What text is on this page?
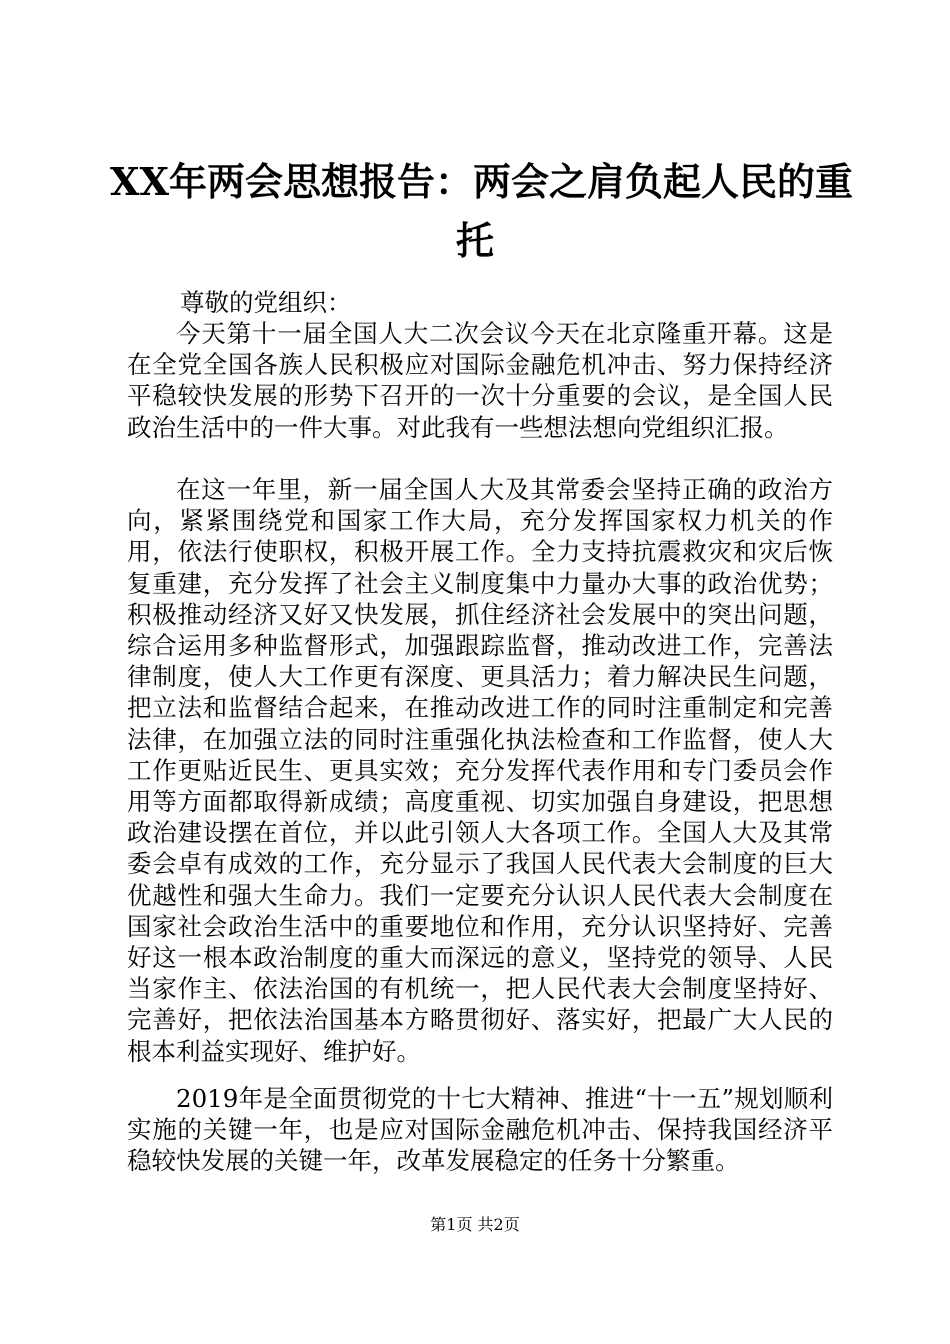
XX年两会思想报告：两会之肩负起人民的重
托
尊敬的党组织：

今天第十一届全国人大二次会议今天在北京隆重开幕。这是在全党全国各族人民积极应对国际金融危机冲击、努力保持经济平稳较快发展的形势下召开的一次十分重要的会议，是全国人民政治生活中的一件大事。对此我有一些想法想向党组织汇报。

在这一年里，新一届全国人大及其常委会坚持正确的政治方向，紧紧围绕党和国家工作大局，充分发挥国家权力机关的作用，依法行使职权，积极开展工作。全力支持抗震救灾和灾后恢复重建，充分发挥了社会主义制度集中力量办大事的政治优势；积极推动经济又好又快发展，抓住经济社会发展中的突出问题，综合运用多种监督形式，加强跟踪监督，推动改进工作，完善法律制度，使人大工作更有深度、更具活力；着力解决民生问题，把立法和监督结合起来，在推动改进工作的同时注重制定和完善法律，在加强立法的同时注重强化执法检查和工作监督，使人大工作更贴近民生、更具实效；充分发挥代表作用和专门委员会作用等方面都取得新成绩；高度重视、切实加强自身建设，把思想政治建设摆在首位，并以此引领人大各项工作。全国人大及其常委会卓有成效的工作，充分显示了我国人民代表大会制度的巨大优越性和强大生命力。我们一定要充分认识人民代表大会制度在国家社会政治生活中的重要地位和作用，充分认识坚持好、完善好这一根本政治制度的重大而深远的意义，坚持党的领导、人民当家作主、依法治国的有机统一，把人民代表大会制度坚持好、完善好，把依法治国基本方略贯彻好、落实好，把最广大人民的根本利益实现好、维护好。

2019年是全面贯彻党的十七大精神、推进“十一五”规划顺利实施的关键一年，也是应对国际金融危机冲击、保持我国经济平稳较快发展的关键一年，改革发展稳定的任务十分繁重。

第1页 共2页
